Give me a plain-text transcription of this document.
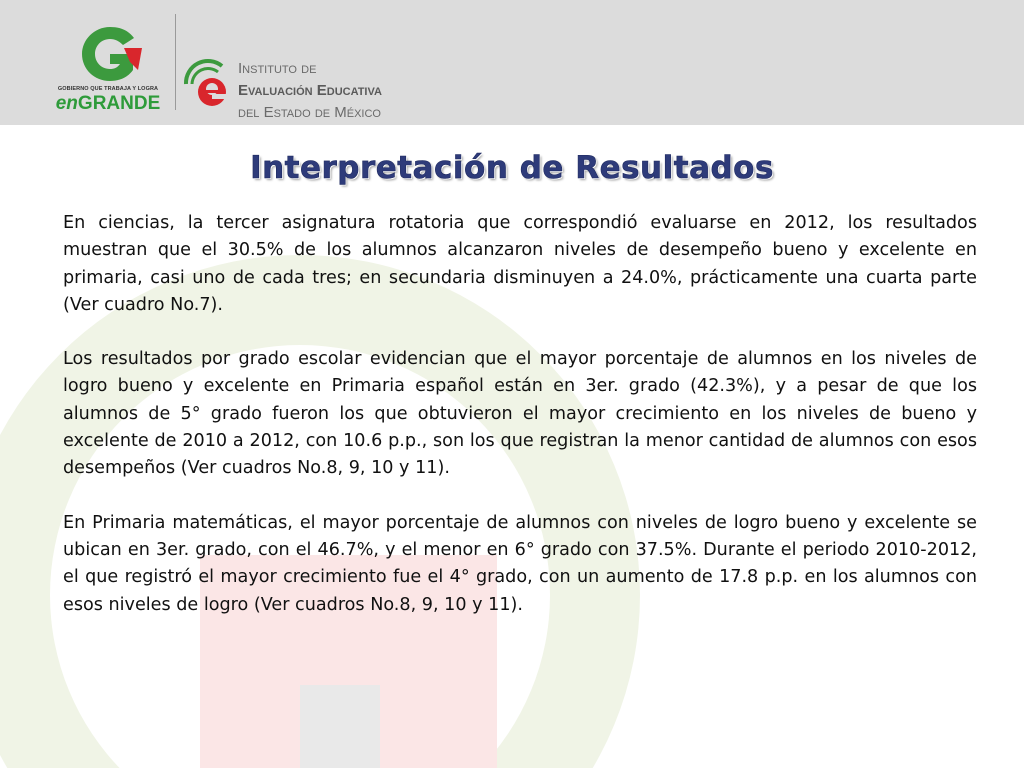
GOBIERNO QUE TRABAJA Y LOGRA
enGRANDE
Instituto de
Evaluación Educativa
del Estado de México
Interpretación de Resultados

En ciencias, la tercer asignatura rotatoria que correspondió evaluarse en 2012, los resultados muestran que el 30.5% de los alumnos alcanzaron niveles de desempeño bueno y excelente en primaria, casi uno de cada tres; en secundaria disminuyen a 24.0%, prácticamente una cuarta parte (Ver cuadro No.7).

Los resultados por grado escolar evidencian que el mayor porcentaje de alumnos en los niveles de logro bueno y excelente en Primaria español están en 3er. grado (42.3%), y a pesar de que los alumnos de 5° grado fueron los que obtuvieron el mayor crecimiento en los niveles de bueno y excelente de 2010 a 2012, con 10.6 p.p., son los que registran la menor cantidad de alumnos con esos desempeños (Ver cuadros No.8, 9, 10 y 11).

En Primaria matemáticas, el mayor porcentaje de alumnos con niveles de logro bueno y excelente se ubican en 3er. grado, con el 46.7%, y el menor en 6° grado con 37.5%. Durante el periodo 2010-2012, el que registró el mayor crecimiento fue el 4° grado, con un aumento de 17.8 p.p. en los alumnos con esos niveles de logro (Ver cuadros No.8, 9, 10 y 11).
